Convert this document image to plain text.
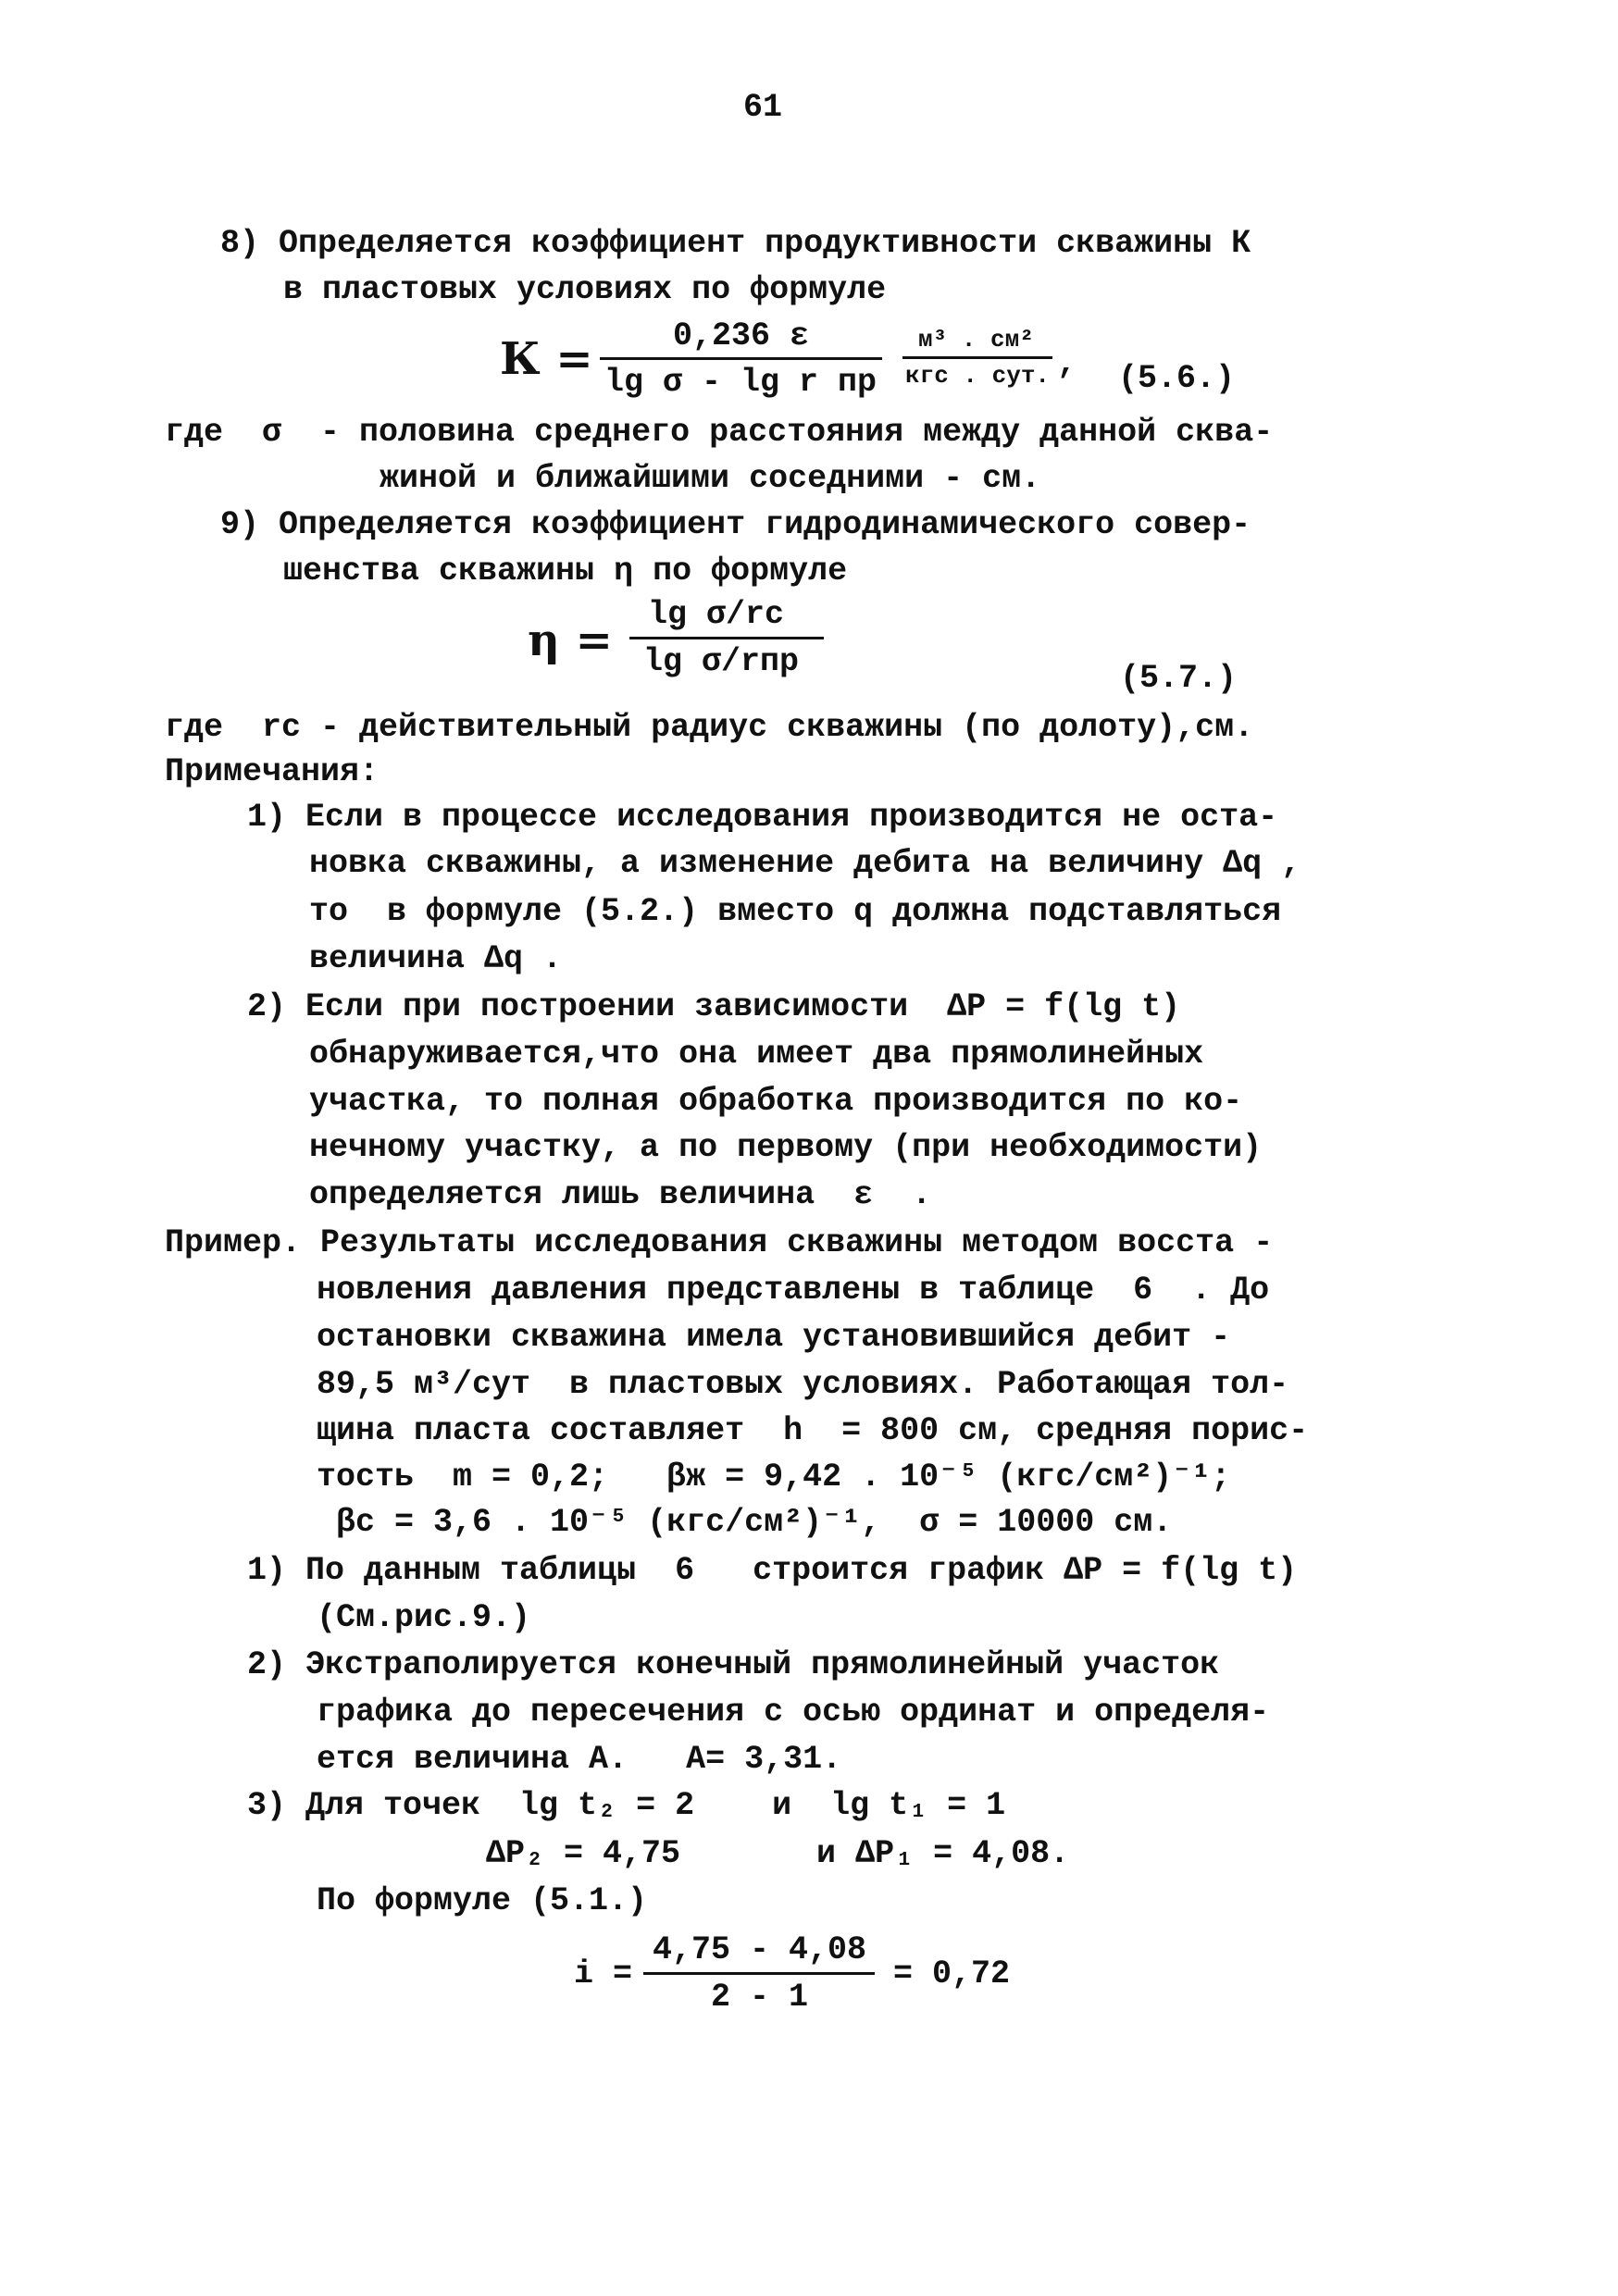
61
8) Определяется коэффициент продуктивности скважины К
в пластовых условиях по формуле
К = 0,236 ε
lg σ - lg r пр
м³ . см²
кгс . сут. , (5.6.)
где  σ  - половина среднего расстояния между данной сква-
жиной и ближайшими соседними - см.
9) Определяется коэффициент гидродинамического совер-
шенства скважины η по формуле
η = lg σ/rс
lg σ/rпр	(5.7.)
где  rс - действительный радиус скважины (по долоту),см.
Примечания:
1) Если в процессе исследования производится не оста-
новка скважины, а изменение дебита на величину Δq ,
то  в формуле (5.2.) вместо q должна подставляться
величина Δq .
2) Если при построении зависимости  ΔP = f(lg t)
обнаруживается,что она имеет два прямолинейных
участка, то полная обработка производится по ко-
нечному участку, а по первому (при необходимости)
определяется лишь величина  ε  .
Пример. Результаты исследования скважины методом восста -
новления давления представлены в таблице  6  . До
остановки скважина имела установившийся дебит -
89,5 м³/сут  в пластовых условиях. Работающая тол-
щина пласта составляет  h  = 800 см, средняя порис-
тость  m = 0,2;   βж = 9,42 . 10⁻⁵ (кгс/см²)⁻¹;
βс = 3,6 . 10⁻⁵ (кгс/см²)⁻¹,  σ = 10000 см.
1) По данным таблицы  6   строится график ΔP = f(lg t)
(См.рис.9.)
2) Экстраполируется конечный прямолинейный участок
графика до пересечения с осью ординат и определя-
ется величина А.   А= 3,31.
3) Для точек  lg t₂ = 2    и  lg t₁ = 1
ΔP₂ = 4,75       и ΔP₁ = 4,08.
По формуле (5.1.)
i =
4,75 - 4,08
2 - 1
= 0,72
